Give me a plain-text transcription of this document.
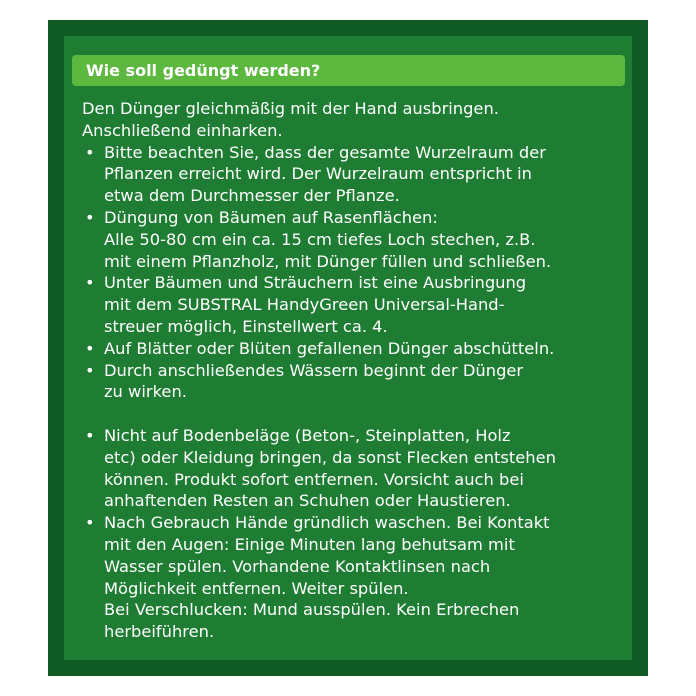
Wie soll gedüngt werden?

Den Dünger gleichmäßig mit der Hand ausbringen.

Anschließend einharken.

• Bitte beachten Sie, dass der gesamte Wurzelraum der
Pflanzen erreicht wird. Der Wurzelraum entspricht in
etwa dem Durchmesser der Pflanze.
• Düngung von Bäumen auf Rasenflächen:
Alle 50-80 cm ein ca. 15 cm tiefes Loch stechen, z.B.
mit einem Pflanzholz, mit Dünger füllen und schließen.
• Unter Bäumen und Sträuchern ist eine Ausbringung
mit dem SUBSTRAL HandyGreen Universal-Hand-
streuer möglich, Einstellwert ca. 4.
• Auf Blätter oder Blüten gefallenen Dünger abschütteln.
• Durch anschließendes Wässern beginnt der Dünger
zu wirken.
• Nicht auf Bodenbeläge (Beton-, Steinplatten, Holz
etc) oder Kleidung bringen, da sonst Flecken entstehen
können. Produkt sofort entfernen. Vorsicht auch bei
anhaftenden Resten an Schuhen oder Haustieren.
• Nach Gebrauch Hände gründlich waschen. Bei Kontakt
mit den Augen: Einige Minuten lang behutsam mit
Wasser spülen. Vorhandene Kontaktlinsen nach
Möglichkeit entfernen. Weiter spülen.
Bei Verschlucken: Mund ausspülen. Kein Erbrechen
herbeiführen.
